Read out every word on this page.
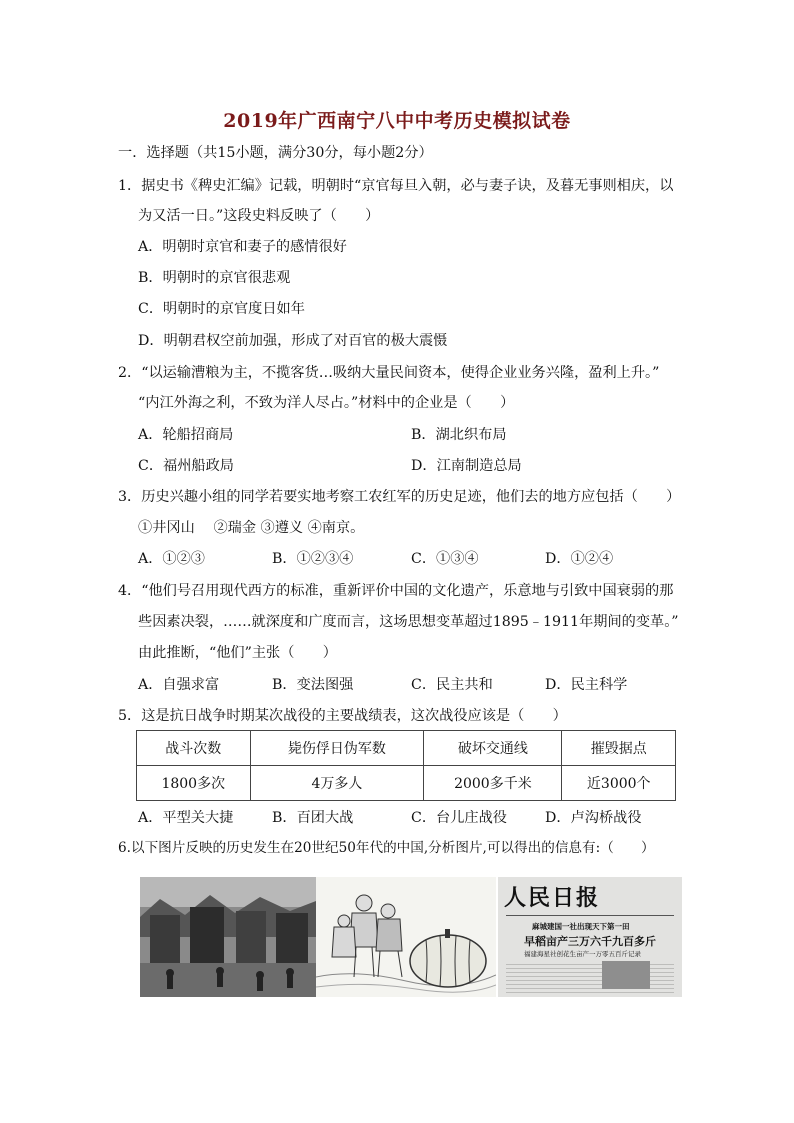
2019年广西南宁八中中考历史模拟试卷
一．选择题（共15小题，满分30分，每小题2分）
1．据史书《稗史汇编》记载，明朝时“京官每旦入朝，必与妻子诀，及暮无事则相庆，以
为又活一日。”这段史料反映了（　　）
A．明朝时京官和妻子的感情很好
B．明朝时的京官很悲观
C．明朝时的京官度日如年
D．明朝君权空前加强，形成了对百官的极大震慑
2．“以运输漕粮为主，不揽客货…吸纳大量民间资本，使得企业业务兴隆，盈利上升。”
“内江外海之利，不致为洋人尽占。”材料中的企业是（　　）
A．轮船招商局	B．湖北织布局
C．福州船政局	D．江南制造总局
3．历史兴趣小组的同学若要实地考察工农红军的历史足迹，他们去的地方应包括（　　）
①井冈山　 ②瑞金 ③遵义 ④南京。
A．①②③	B．①②③④	C．①③④	D．①②④
4．“他们号召用现代西方的标准，重新评价中国的文化遗产，乐意地与引致中国衰弱的那
些因素决裂，……就深度和广度而言，这场思想变革超过1895﹣1911年期间的变革。”
由此推断，“他们”主张（　　）
A．自强求富	B．变法图强	C．民主共和	D．民主科学
5．这是抗日战争时期某次战役的主要战绩表，这次战役应该是（　　）
战斗次数	毙伤俘日伪军数	破坏交通线	摧毁据点
1800多次	4万多人	2000多千米	近3000个
A．平型关大捷	B．百团大战	C．台儿庄战役	D．卢沟桥战役
6.以下图片反映的历史发生在20世纪50年代的中国,分析图片,可以得出的信息有:（　　）
人民日报
麻城建国一社出现天下第一田
早稻亩产三万六千九百多斤
福建海星社创花生亩产一万零五百斤记录
